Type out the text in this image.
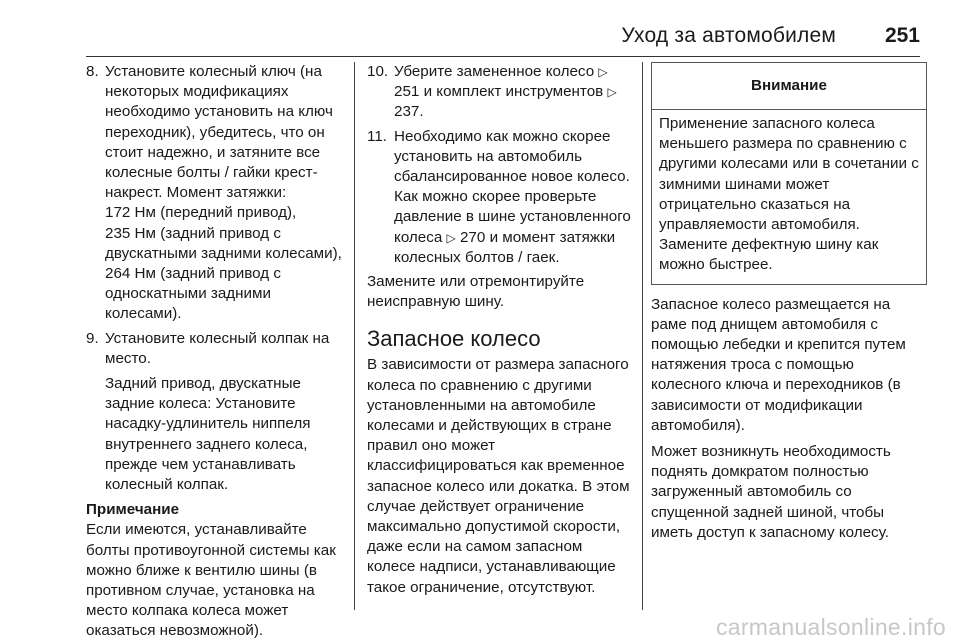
Уход за автомобилем 251
8. Установите колесный ключ (на некоторых модификациях необходимо установить на ключ переходник), убедитесь, что он стоит надежно, и затяните все колесные болты / гайки крест-накрест. Момент затяжки:

172 Нм (передний привод),

235 Нм (задний привод с двускатными задними колесами), 264 Нм (задний привод с односкатными задними колесами).

9. Установите колесный колпак на место.

Задний привод, двускатные задние колеса: Установите насадку-удлинитель ниппеля внутреннего заднего колеса, прежде чем устанавливать колесный колпак.

Примечание
Если имеются, устанавливайте болты противоугонной системы как можно ближе к вентилю шины (в противном случае, установка на место колпака колеса может оказаться невозможной).
10. Уберите замененное колесо ▷ 251 и комплект инструментов ▷ 237.
11. Необходимо как можно скорее установить на автомобиль сбалансированное новое колесо. Как можно скорее проверьте давление в шине установленного колеса ▷ 270 и момент затяжки колесных болтов / гаек.

Замените или отремонтируйте неисправную шину.

Запасное колесо

В зависимости от размера запасного колеса по сравнению с другими установленными на автомобиле колесами и действующих в стране правил оно может классифицироваться как временное запасное колесо или докатка. В этом случае действует ограничение максимально допустимой скорости, даже если на самом запасном колесе надписи, устанавливающие такое ограничение, отсутствуют.

Внимание
Применение запасного колеса меньшего размера по сравнению с другими колесами или в сочетании с зимними шинами может отрицательно сказаться на управляемости автомобиля. Замените дефектную шину как можно быстрее.

Запасное колесо размещается на раме под днищем автомобиля с помощью лебедки и крепится путем натяжения троса с помощью колесного ключа и переходников (в зависимости от модификации автомобиля).

Может возникнуть необходимость поднять домкратом полностью загруженный автомобиль со спущенной задней шиной, чтобы иметь доступ к запасному колесу.

carmanualsonline.info
